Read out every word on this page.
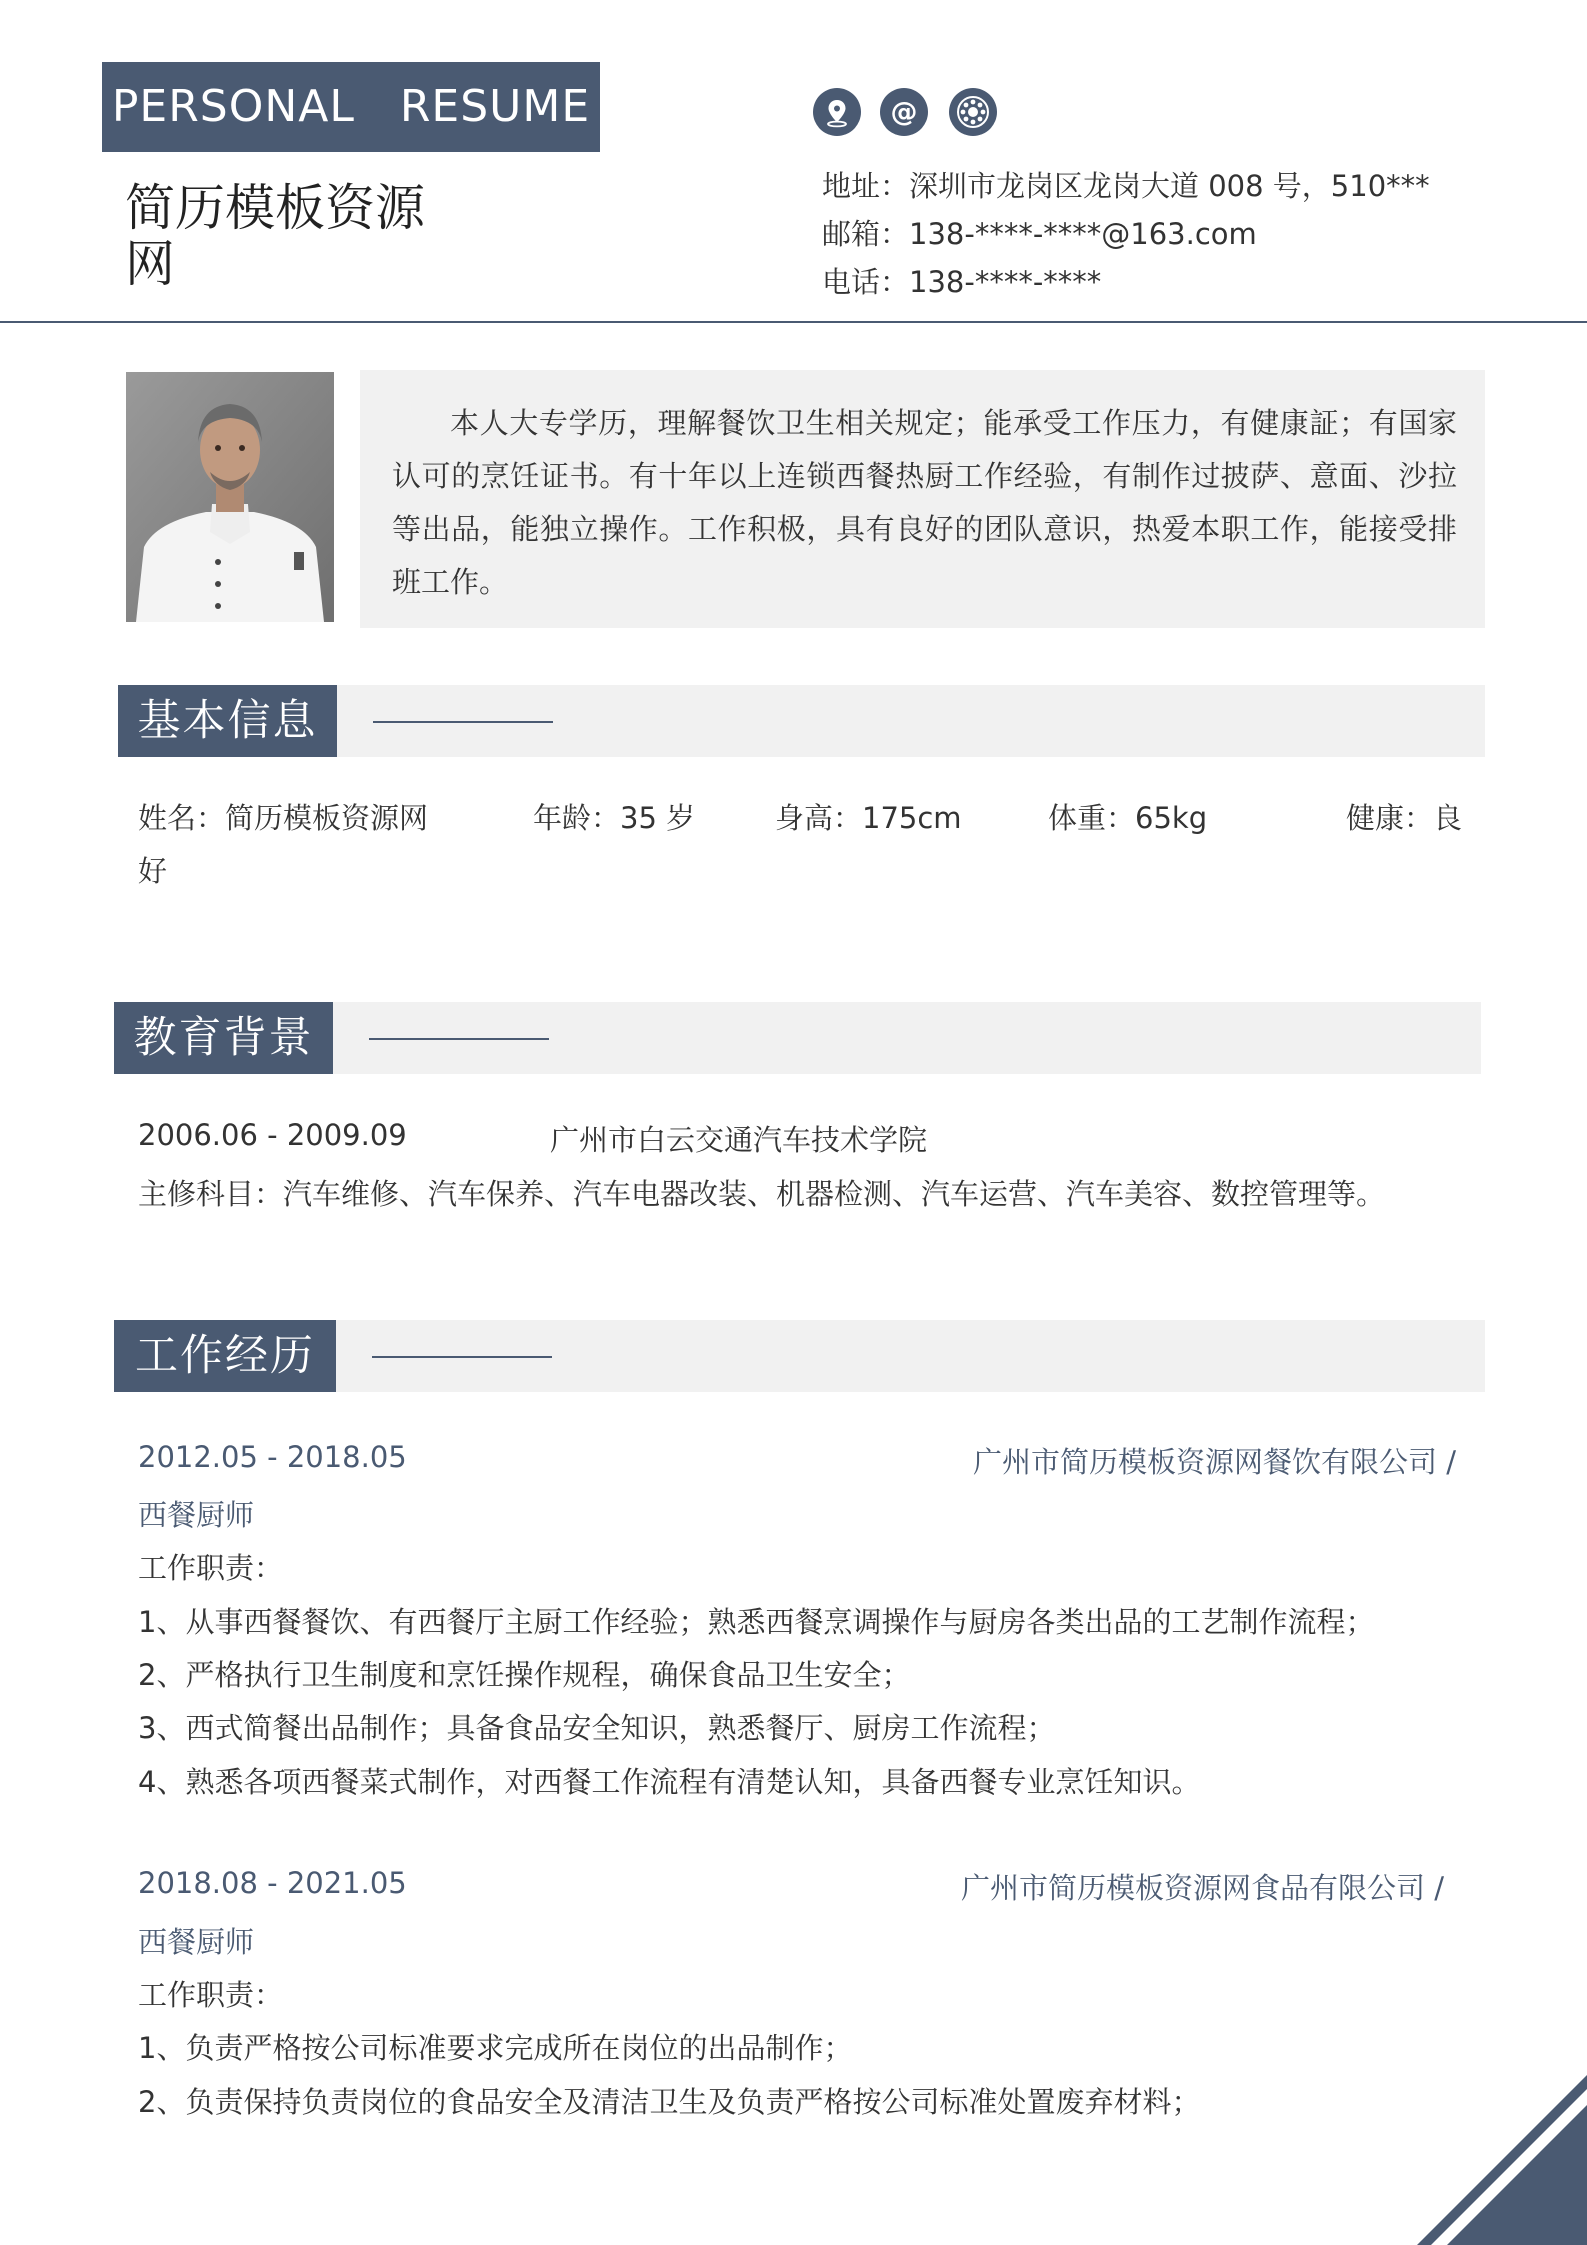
PERSONAL　RESUME
简历模板资源网
@
地址：深圳市龙岗区龙岗大道 008 号，510***
邮箱：138-****-****@163.com
电话：138-****-****
本人大专学历，理解餐饮卫生相关规定；能承受工作压力，有健康証；有国家认可的烹饪证书。有十年以上连锁西餐热厨工作经验，有制作过披萨、意面、沙拉等出品，能独立操作。工作积极，具有良好的团队意识，热爱本职工作，能接受排班工作。
基本信息
姓名：简历模板资源网	年龄：35 岁	身高：175cm	体重：65kg	健康：良
好
教育背景
2006.06 - 2009.09	广州市白云交通汽车技术学院
主修科目：汽车维修、汽车保养、汽车电器改装、机器检测、汽车运营、汽车美容、数控管理等。
工作经历
2012.05 - 2018.05	广州市简历模板资源网餐饮有限公司 /
西餐厨师
工作职责：
1、从事西餐餐饮、有西餐厅主厨工作经验；熟悉西餐烹调操作与厨房各类出品的工艺制作流程；
2、严格执行卫生制度和烹饪操作规程，确保食品卫生安全；
3、西式简餐出品制作；具备食品安全知识，熟悉餐厅、厨房工作流程；
4、熟悉各项西餐菜式制作，对西餐工作流程有清楚认知，具备西餐专业烹饪知识。
2018.08 - 2021.05	广州市简历模板资源网食品有限公司 /
西餐厨师
工作职责：
1、负责严格按公司标准要求完成所在岗位的出品制作；
2、负责保持负责岗位的食品安全及清洁卫生及负责严格按公司标准处置废弃材料；
